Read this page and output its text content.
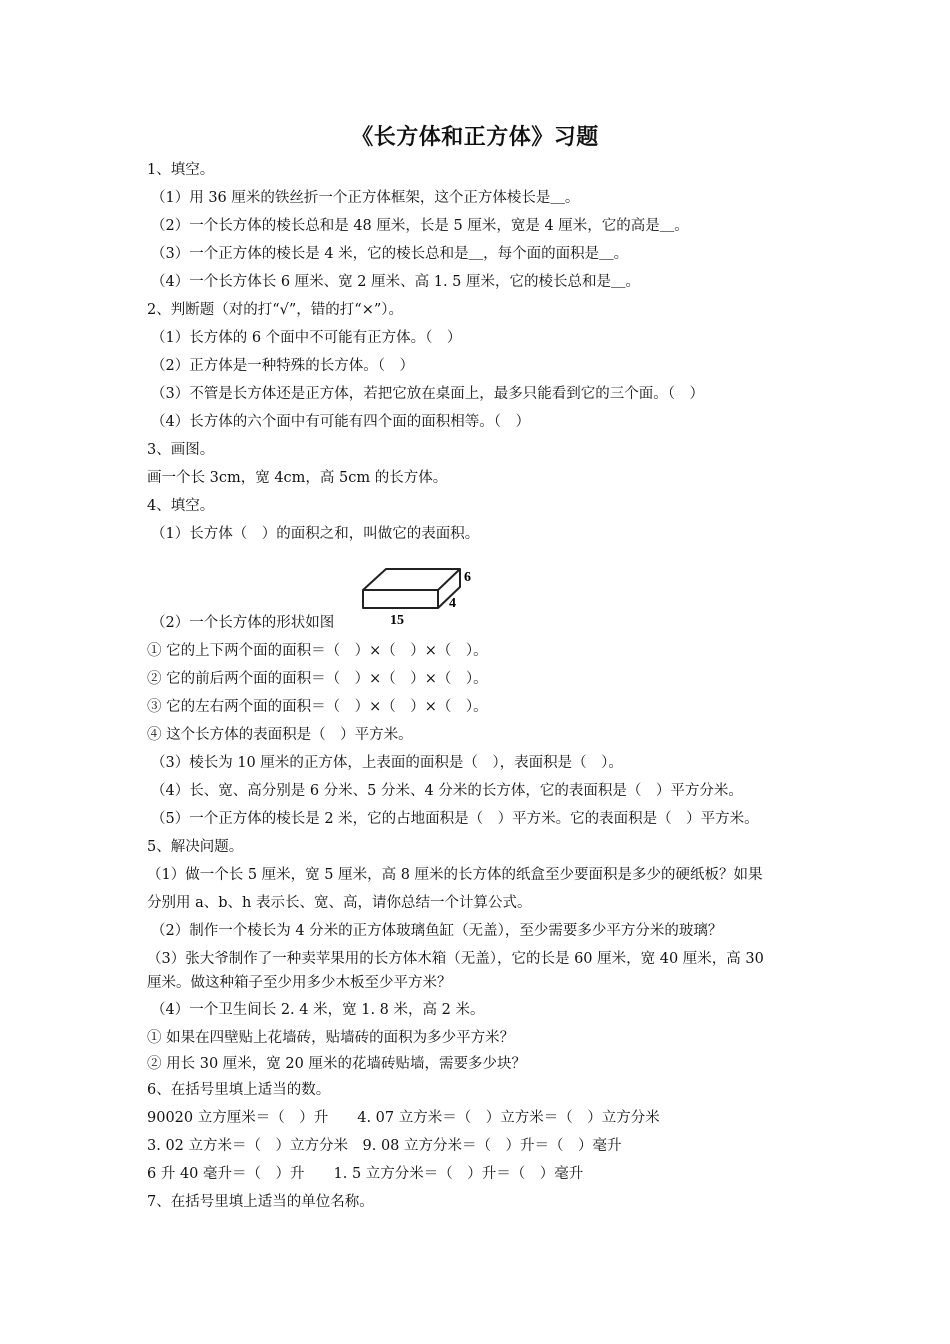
《长方体和正方体》习题

1、填空。

（1）用 36 厘米的铁丝折一个正方体框架，这个正方体棱长是＿。

（2）一个长方体的棱长总和是 48 厘米，长是 5 厘米，宽是 4 厘米，它的高是＿。

（3）一个正方体的棱长是 4 米，它的棱长总和是＿，每个面的面积是＿。

（4）一个长方体长 6 厘米、宽 2 厘米、高 1. 5 厘米，它的棱长总和是＿。

2、判断题（对的打“√”，错的打“×”）。

（1）长方体的 6 个面中不可能有正方体。（　）

（2）正方体是一种特殊的长方体。（　）

（3）不管是长方体还是正方体，若把它放在桌面上，最多只能看到它的三个面。（　）

（4）长方体的六个面中有可能有四个面的面积相等。（　）

3、画图。

画一个长 3cm，宽 4cm，高 5cm 的长方体。

4、填空。

（1）长方体（　）的面积之和，叫做它的表面积。

6
4
15

（2）一个长方体的形状如图

① 它的上下两个面的面积＝（　）×（　）×（　）。

② 它的前后两个面的面积＝（　）×（　）×（　）。

③ 它的左右两个面的面积＝（　）×（　）×（　）。

④ 这个长方体的表面积是（　）平方米。

（3）棱长为 10 厘米的正方体，上表面的面积是（　），表面积是（　）。

（4）长、宽、高分别是 6 分米、5 分米、4 分米的长方体，它的表面积是（　）平方分米。

（5）一个正方体的棱长是 2 米，它的占地面积是（　）平方米。它的表面积是（　）平方米。

5、解决问题。

（1）做一个长 5 厘米，宽 5 厘米，高 8 厘米的长方体的纸盒至少要面积是多少的硬纸板？如果

分别用 a、b、h 表示长、宽、高，请你总结一个计算公式。

（2）制作一个棱长为 4 分米的正方体玻璃鱼缸（无盖），至少需要多少平方分米的玻璃？

（3）张大爷制作了一种卖苹果用的长方体木箱（无盖），它的长是 60 厘米，宽 40 厘米，高 30

厘米。做这种箱子至少用多少木板至少平方米？

（4）一个卫生间长 2. 4 米，宽 1. 8 米，高 2 米。

① 如果在四壁贴上花墙砖，贴墙砖的面积为多少平方米？

② 用长 30 厘米，宽 20 厘米的花墙砖贴墙，需要多少块？

6、在括号里填上适当的数。

90020 立方厘米＝（　）升　　4. 07 立方米＝（　）立方米＝（　）立方分米

3. 02 立方米＝（　）立方分米　9. 08 立方分米＝（　）升＝（　）毫升

6 升 40 毫升＝（　）升　　1. 5 立方分米＝（　）升＝（　）毫升

7、在括号里填上适当的单位名称。
